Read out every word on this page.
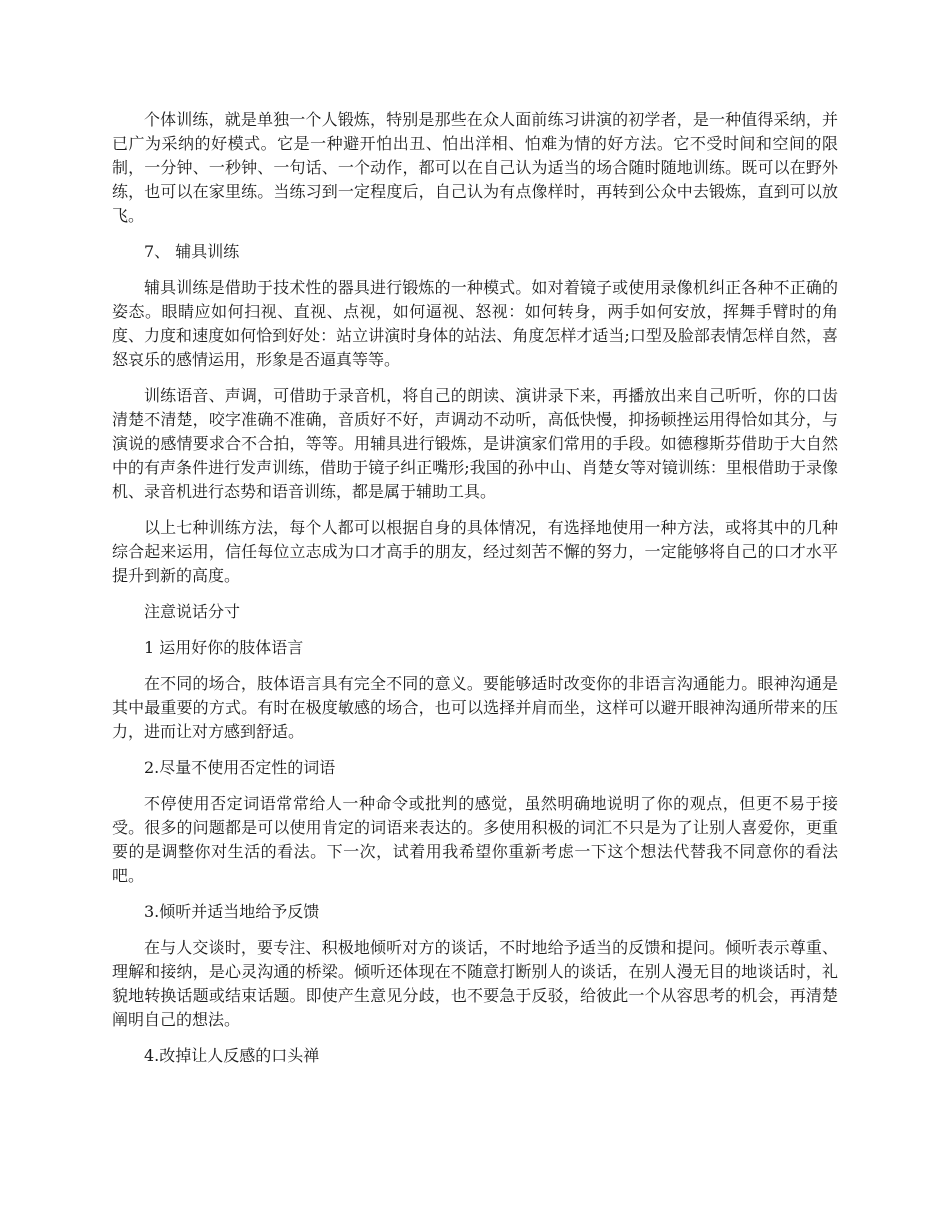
个体训练，就是单独一个人锻炼，特别是那些在众人面前练习讲演的初学者，是一种值得采纳，并已广为采纳的好模式。它是一种避开怕出丑、怕出洋相、怕难为情的好方法。它不受时间和空间的限制，一分钟、一秒钟、一句话、一个动作，都可以在自己认为适当的场合随时随地训练。既可以在野外练，也可以在家里练。当练习到一定程度后，自己认为有点像样时，再转到公众中去锻炼，直到可以放飞。

7、 辅具训练

辅具训练是借助于技术性的器具进行锻炼的一种模式。如对着镜子或使用录像机纠正各种不正确的姿态。眼睛应如何扫视、直视、点视，如何逼视、怒视：如何转身，两手如何安放，挥舞手臂时的角度、力度和速度如何恰到好处：站立讲演时身体的站法、角度怎样才适当;口型及脸部表情怎样自然，喜怒哀乐的感情运用，形象是否逼真等等。

训练语音、声调，可借助于录音机，将自己的朗读、演讲录下来，再播放出来自己听听，你的口齿清楚不清楚，咬字准确不准确，音质好不好，声调动不动听，高低快慢，抑扬顿挫运用得恰如其分，与演说的感情要求合不合拍，等等。用辅具进行锻炼，是讲演家们常用的手段。如德穆斯芬借助于大自然中的有声条件进行发声训练，借助于镜子纠正嘴形;我国的孙中山、肖楚女等对镜训练：里根借助于录像机、录音机进行态势和语音训练，都是属于辅助工具。

以上七种训练方法，每个人都可以根据自身的具体情况，有选择地使用一种方法，或将其中的几种综合起来运用，信任每位立志成为口才高手的朋友，经过刻苦不懈的努力，一定能够将自己的口才水平提升到新的高度。

注意说话分寸

1 运用好你的肢体语言

在不同的场合，肢体语言具有完全不同的意义。要能够适时改变你的非语言沟通能力。眼神沟通是其中最重要的方式。有时在极度敏感的场合，也可以选择并肩而坐，这样可以避开眼神沟通所带来的压力，进而让对方感到舒适。

2.尽量不使用否定性的词语

不停使用否定词语常常给人一种命令或批判的感觉，虽然明确地说明了你的观点，但更不易于接受。很多的问题都是可以使用肯定的词语来表达的。多使用积极的词汇不只是为了让别人喜爱你，更重要的是调整你对生活的看法。下一次，试着用我希望你重新考虑一下这个想法代替我不同意你的看法吧。

3.倾听并适当地给予反馈

在与人交谈时，要专注、积极地倾听对方的谈话，不时地给予适当的反馈和提问。倾听表示尊重、理解和接纳，是心灵沟通的桥梁。倾听还体现在不随意打断别人的谈话，在别人漫无目的地谈话时，礼貌地转换话题或结束话题。即使产生意见分歧，也不要急于反驳，给彼此一个从容思考的机会，再清楚阐明自己的想法。

4.改掉让人反感的口头禅
